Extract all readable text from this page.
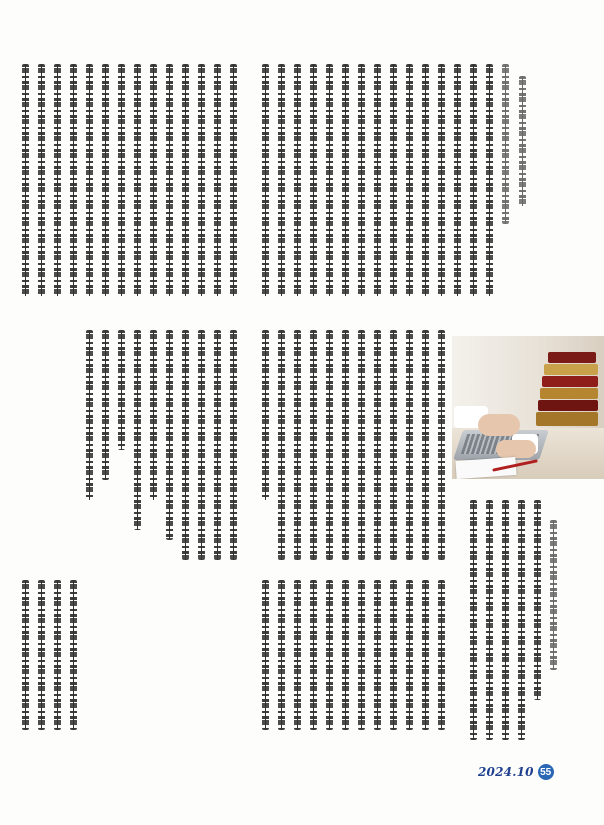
2024.10 55
